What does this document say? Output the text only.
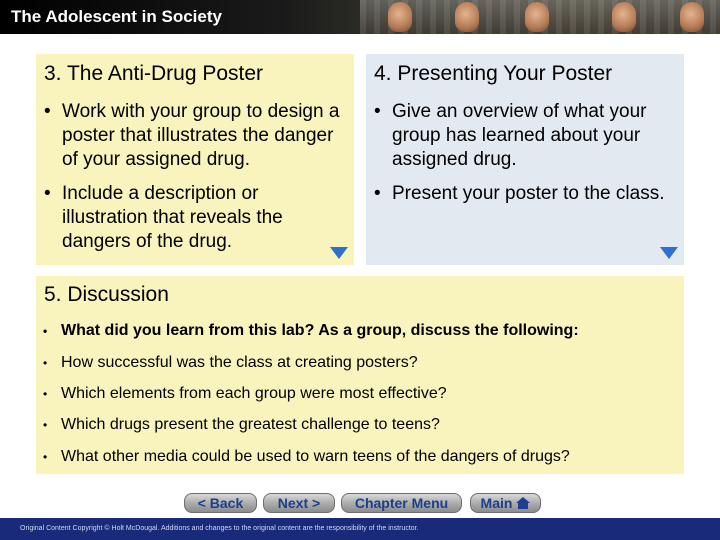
The Adolescent in Society
3. The Anti-Drug Poster
• Work with your group to design a poster that illustrates the danger of your assigned drug.
• Include a description or illustration that reveals the dangers of the drug.
4. Presenting Your Poster
• Give an overview of what your group has learned about your assigned drug.
• Present your poster to the class.
5. Discussion
• What did you learn from this lab? As a group, discuss the following:
• How successful was the class at creating posters?
• Which elements from each group were most effective?
• Which drugs present the greatest challenge to teens?
• What other media could be used to warn teens of the dangers of drugs?
< Back Next > Chapter Menu Main
Original Content Copyright © Holt McDougal. Additions and changes to the original content are the responsibility of the instructor.
